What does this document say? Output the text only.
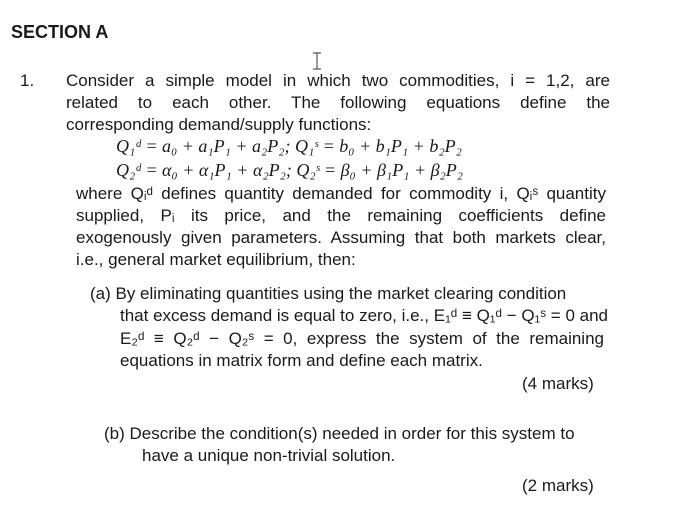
SECTION A
1. Consider a simple model in which two commodities, i = 1,2, are
related to each other. The following equations define the
corresponding demand/supply functions:
Q₁ᵈ = a₀ + a₁P₁ + a₂P₂; Q₁ˢ = b₀ + b₁P₁ + b₂P₂
Q₂ᵈ = α₀ + α₁P₁ + α₂P₂; Q₂ˢ = β₀ + β₁P₁ + β₂P₂
where Qᵢᵈ defines quantity demanded for commodity i, Qᵢˢ quantity
supplied, Pᵢ its price, and the remaining coefficients define
exogenously given parameters. Assuming that both markets clear,
i.e., general market equilibrium, then:
(a) By eliminating quantities using the market clearing condition
that excess demand is equal to zero, i.e., E₁ᵈ ≡ Q₁ᵈ − Q₁ˢ = 0 and
E₂ᵈ ≡ Q₂ᵈ − Q₂ˢ = 0, express the system of the remaining
equations in matrix form and define each matrix.
(4 marks)
(b) Describe the condition(s) needed in order for this system to
have a unique non-trivial solution.
(2 marks)
